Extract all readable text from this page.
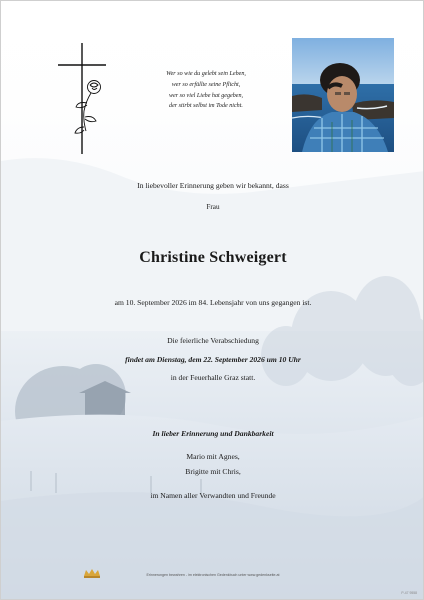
Wer so wie du gelebt sein Leben,
wer so erfüllte seine Pflicht,
wer so viel Liebe hat gegeben,
der stirbt selbst im Tode nicht.
In liebevoller Erinnerung geben wir bekannt, dass
Frau
Christine Schweigert
am 10. September 2026 im 84. Lebensjahr von uns gegangen ist.
Die feierliche Verabschiedung
findet am Dienstag, dem 22. September 2026 um 10 Uhr
in der Feuerhalle Graz statt.
In lieber Erinnerung und Dankbarkeit
Mario mit Agnes,
Brigitte mit Chris,
im Namen aller Verwandten und Freunde
Erinnerungen bewahren - im elektronischen Gedenkbuch unter www.gedenkseite.at
P-47 9558
